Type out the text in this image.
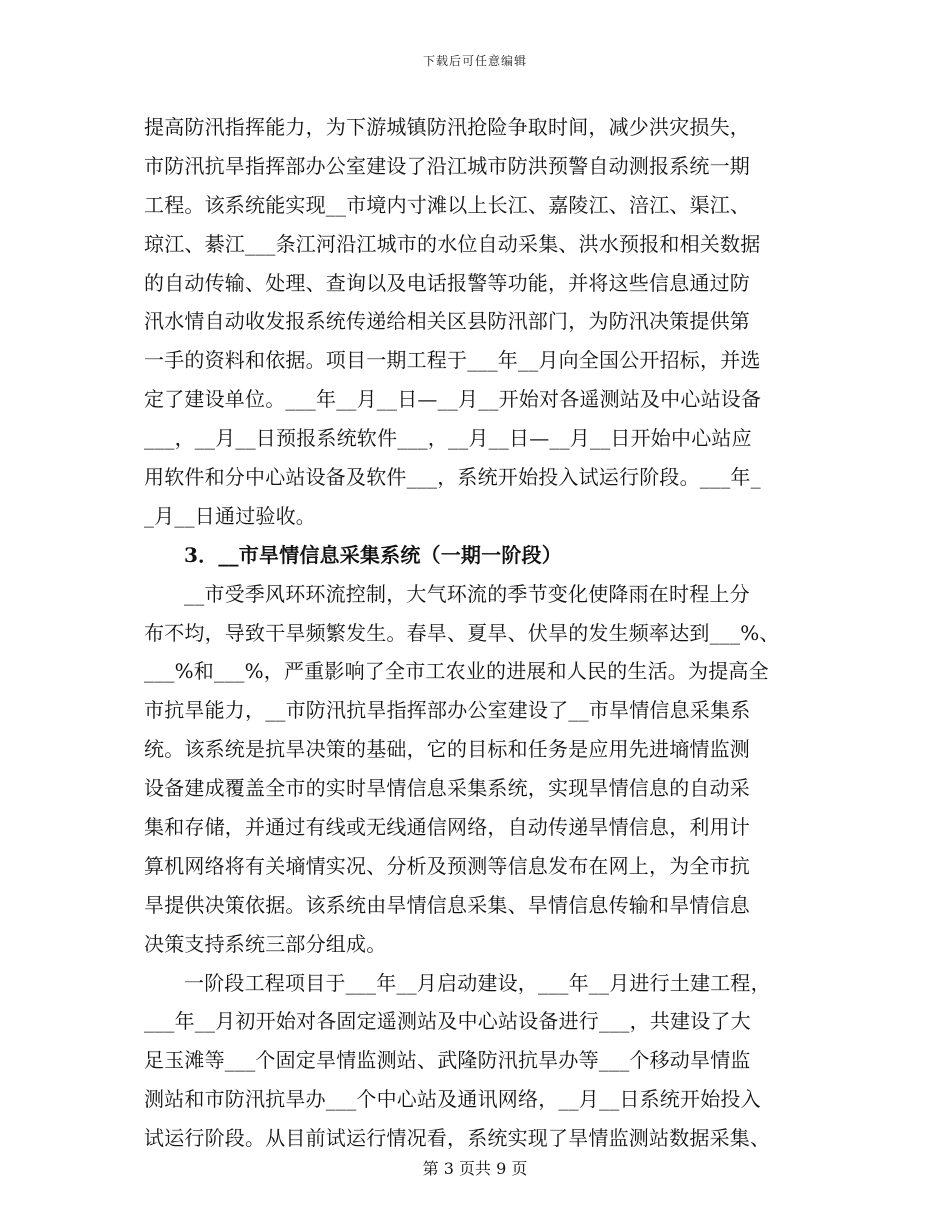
下载后可任意编辑
提高防汛指挥能力，为下游城镇防汛抢险争取时间，减少洪灾损失，
市防汛抗旱指挥部办公室建设了沿江城市防洪预警自动测报系统一期
工程。该系统能实现__市境内寸滩以上长江、嘉陵江、涪江、渠江、
琼江、綦江___条江河沿江城市的水位自动采集、洪水预报和相关数据
的自动传输、处理、查询以及电话报警等功能，并将这些信息通过防
汛水情自动收发报系统传递给相关区县防汛部门，为防汛决策提供第
一手的资料和依据。项目一期工程于___年__月向全国公开招标，并选
定了建设单位。___年__月__日—__月__开始对各遥测站及中心站设备
___，__月__日预报系统软件___，__月__日—__月__日开始中心站应
用软件和分中心站设备及软件___，系统开始投入试运行阶段。___年_
_月__日通过验收。
3．__市旱情信息采集系统（一期一阶段）
__市受季风环环流控制，大气环流的季节变化使降雨在时程上分
布不均，导致干旱频繁发生。春旱、夏旱、伏旱的发生频率达到___%、
___%和___%，严重影响了全市工农业的进展和人民的生活。为提高全
市抗旱能力，__市防汛抗旱指挥部办公室建设了__市旱情信息采集系
统。该系统是抗旱决策的基础，它的目标和任务是应用先进墒情监测
设备建成覆盖全市的实时旱情信息采集系统，实现旱情信息的自动采
集和存储，并通过有线或无线通信网络，自动传递旱情信息，利用计
算机网络将有关墒情实况、分析及预测等信息发布在网上，为全市抗
旱提供决策依据。该系统由旱情信息采集、旱情信息传输和旱情信息
决策支持系统三部分组成。
一阶段工程项目于___年__月启动建设，___年__月进行土建工程，
___年__月初开始对各固定遥测站及中心站设备进行___，共建设了大
足玉滩等___个固定旱情监测站、武隆防汛抗旱办等___个移动旱情监
测站和市防汛抗旱办___个中心站及通讯网络，__月__日系统开始投入
试运行阶段。从目前试运行情况看，系统实现了旱情监测站数据采集、
第 3 页共 9 页
